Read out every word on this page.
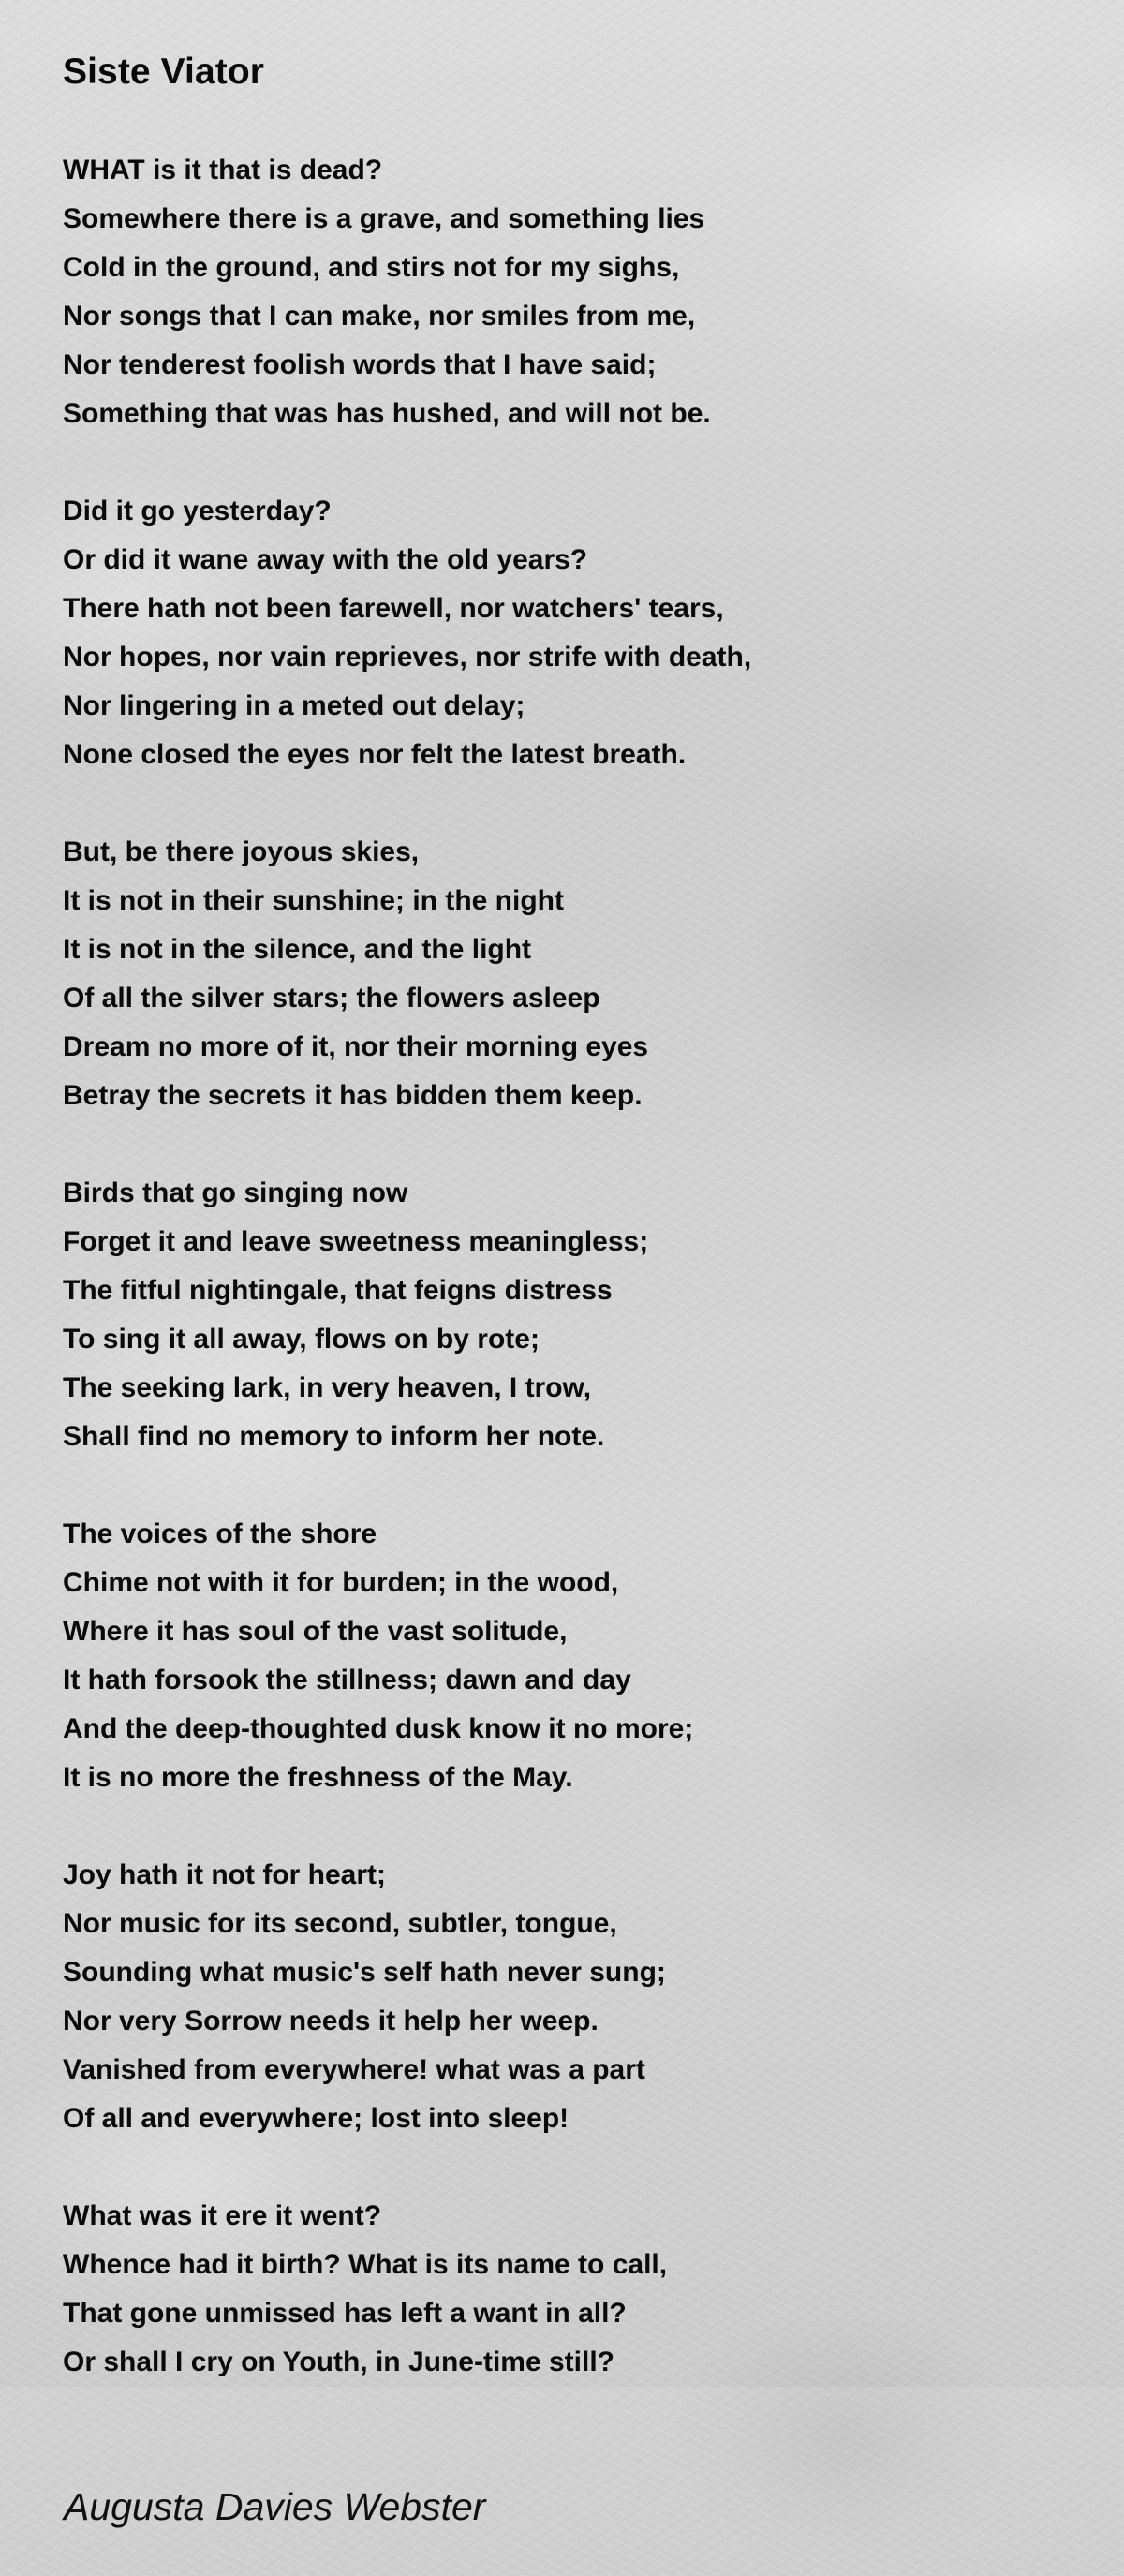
Siste Viator
WHAT is it that is dead?
Somewhere there is a grave, and something lies
Cold in the ground, and stirs not for my sighs,
Nor songs that I can make, nor smiles from me,
Nor tenderest foolish words that I have said;
Something that was has hushed, and will not be.
Did it go yesterday?
Or did it wane away with the old years?
There hath not been farewell, nor watchers' tears,
Nor hopes, nor vain reprieves, nor strife with death,
Nor lingering in a meted out delay;
None closed the eyes nor felt the latest breath.
But, be there joyous skies,
It is not in their sunshine; in the night
It is not in the silence, and the light
Of all the silver stars; the flowers asleep
Dream no more of it, nor their morning eyes
Betray the secrets it has bidden them keep.
Birds that go singing now
Forget it and leave sweetness meaningless;
The fitful nightingale, that feigns distress
To sing it all away, flows on by rote;
The seeking lark, in very heaven, I trow,
Shall find no memory to inform her note.
The voices of the shore
Chime not with it for burden; in the wood,
Where it has soul of the vast solitude,
It hath forsook the stillness; dawn and day
And the deep-thoughted dusk know it no more;
It is no more the freshness of the May.
Joy hath it not for heart;
Nor music for its second, subtler, tongue,
Sounding what music's self hath never sung;
Nor very Sorrow needs it help her weep.
Vanished from everywhere! what was a part
Of all and everywhere; lost into sleep!
What was it ere it went?
Whence had it birth? What is its name to call,
That gone unmissed has left a want in all?
Or shall I cry on Youth, in June-time still?

Augusta Davies Webster
